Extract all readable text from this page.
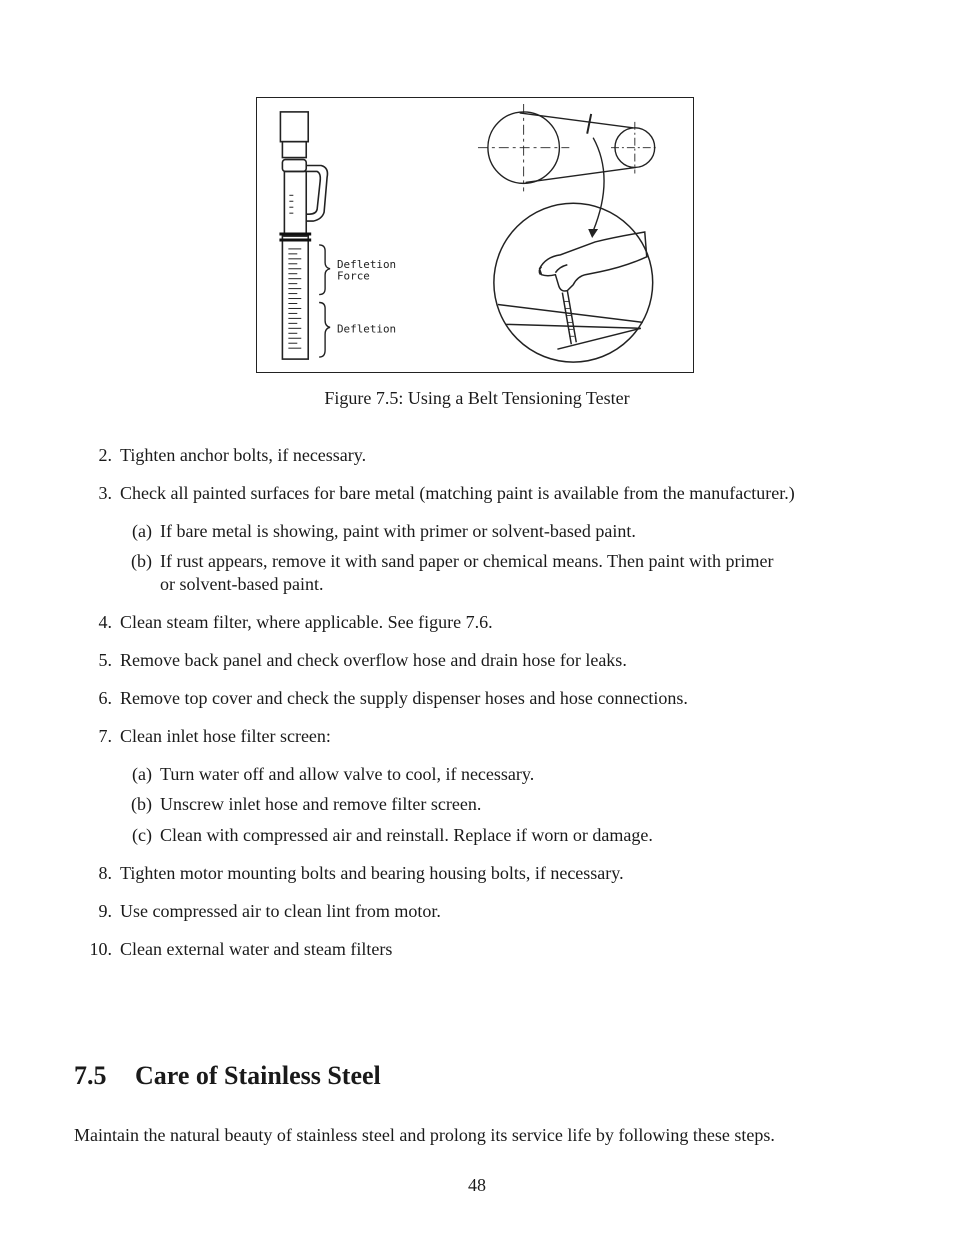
Defletion
Force
Defletion
Figure 7.5: Using a Belt Tensioning Tester
2. Tighten anchor bolts, if necessary.
3. Check all painted surfaces for bare metal (matching paint is available from the manufacturer.)
(a) If bare metal is showing, paint with primer or solvent-based paint.
(b) If rust appears, remove it with sand paper or chemical means. Then paint with primer
or solvent-based paint.
4. Clean steam filter, where applicable. See figure 7.6.
5. Remove back panel and check overflow hose and drain hose for leaks.
6. Remove top cover and check the supply dispenser hoses and hose connections.
7. Clean inlet hose filter screen:
(a) Turn water off and allow valve to cool, if necessary.
(b) Unscrew inlet hose and remove filter screen.
(c) Clean with compressed air and reinstall. Replace if worn or damage.
8. Tighten motor mounting bolts and bearing housing bolts, if necessary.
9. Use compressed air to clean lint from motor.
10. Clean external water and steam filters
7.5 Care of Stainless Steel
Maintain the natural beauty of stainless steel and prolong its service life by following these steps.
48
